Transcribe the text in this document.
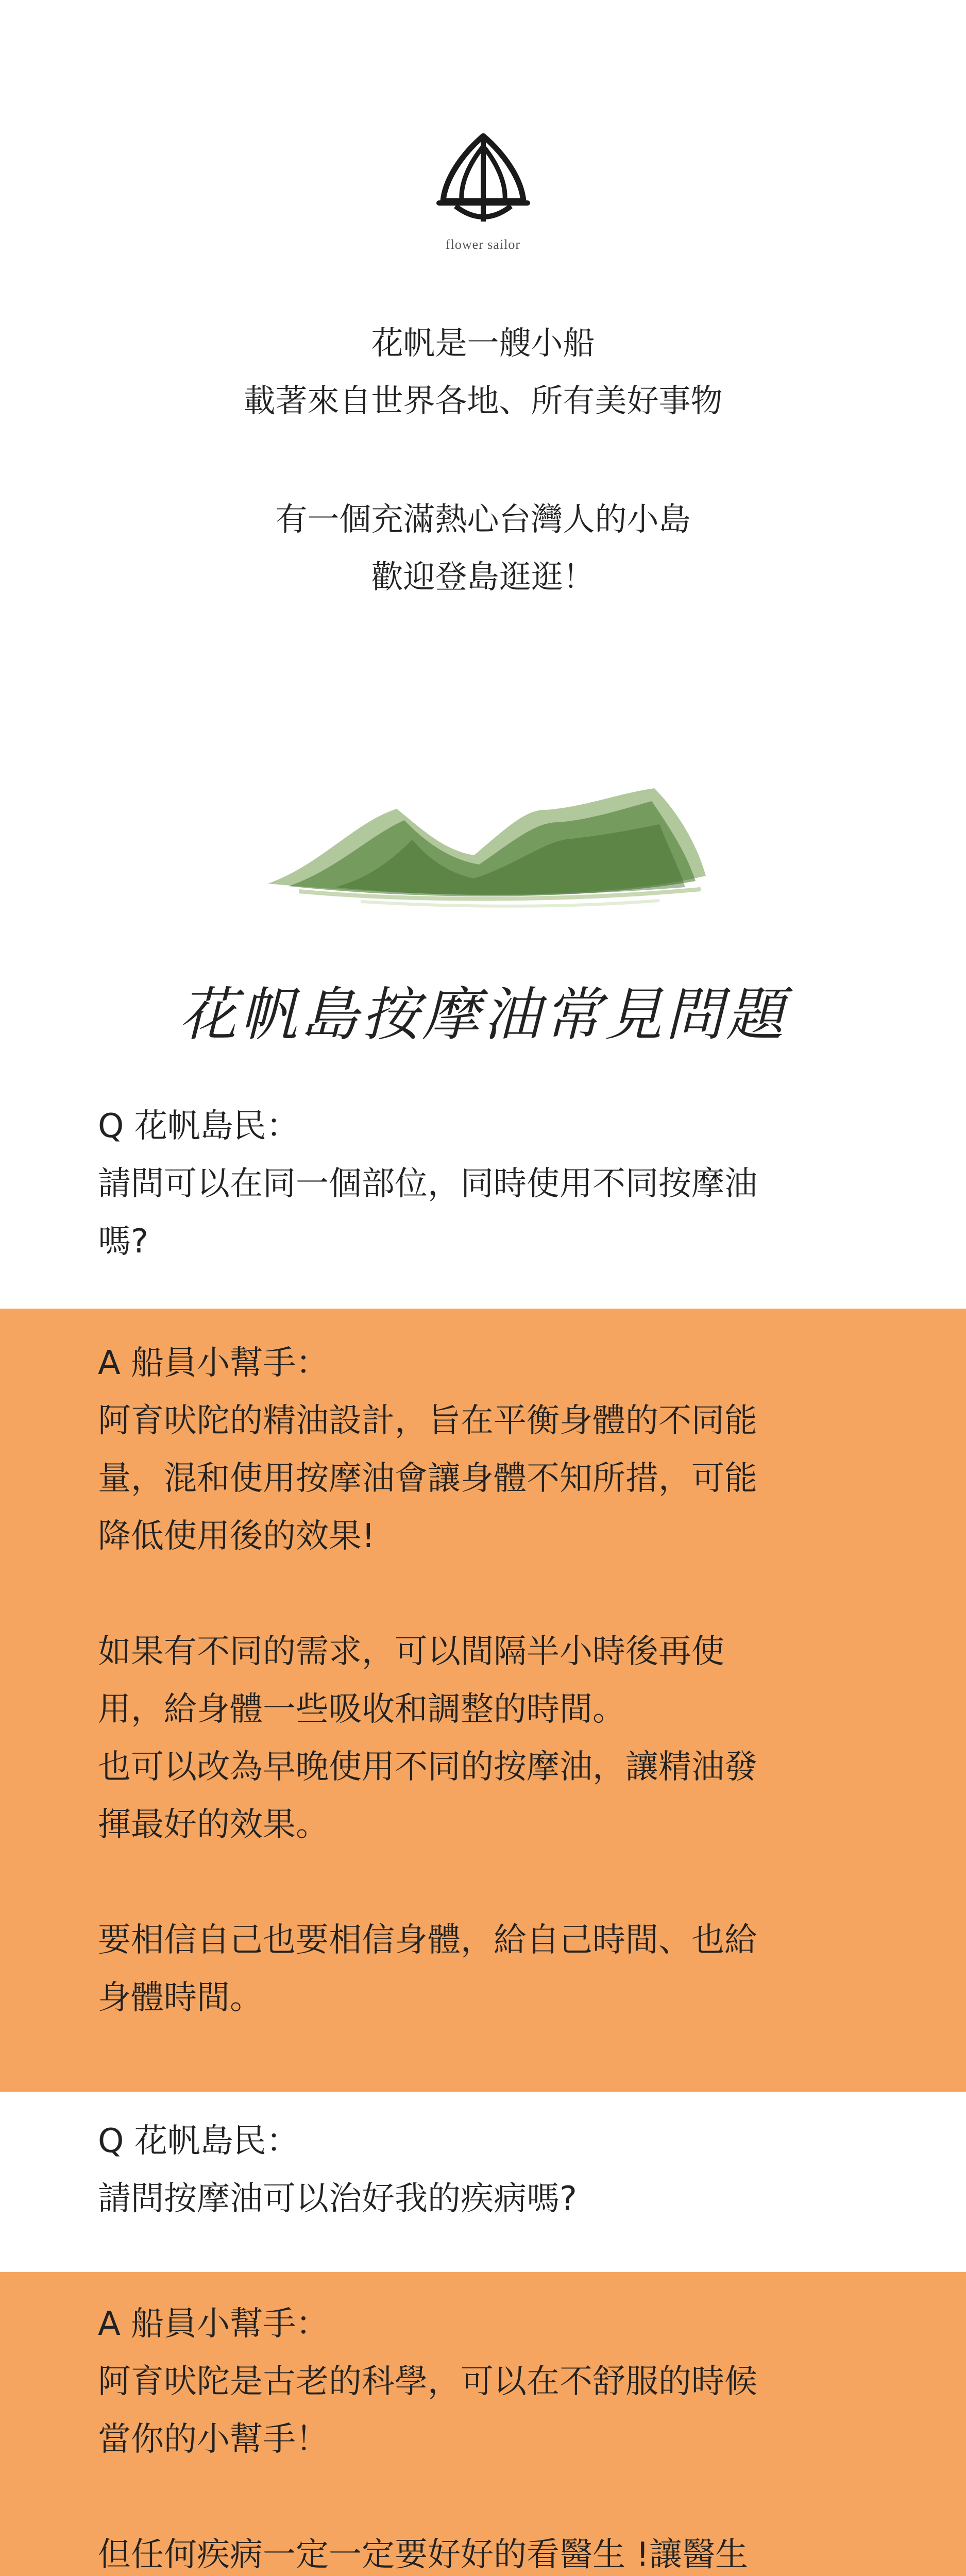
flower sailor
花帆是一艘小船
載著來自世界各地、所有美好事物
有一個充滿熱心台灣人的小島
歡迎登島逛逛！
花帆島按摩油常見問題
Q 花帆島民：
請問可以在同一個部位，同時使用不同按摩油
嗎?
A 船員小幫手：
阿育吠陀的精油設計，旨在平衡身體的不同能
量，混和使用按摩油會讓身體不知所措，可能
降低使用後的效果!
如果有不同的需求，可以間隔半小時後再使
用，給身體一些吸收和調整的時間。
也可以改為早晚使用不同的按摩油，讓精油發
揮最好的效果。
要相信自己也要相信身體，給自己時間、也給
身體時間。
Q 花帆島民：
請問按摩油可以治好我的疾病嗎?
A 船員小幫手：
阿育吠陀是古老的科學，可以在不舒服的時候
當你的小幫手！
但任何疾病一定一定要好好的看醫生 !讓醫生
